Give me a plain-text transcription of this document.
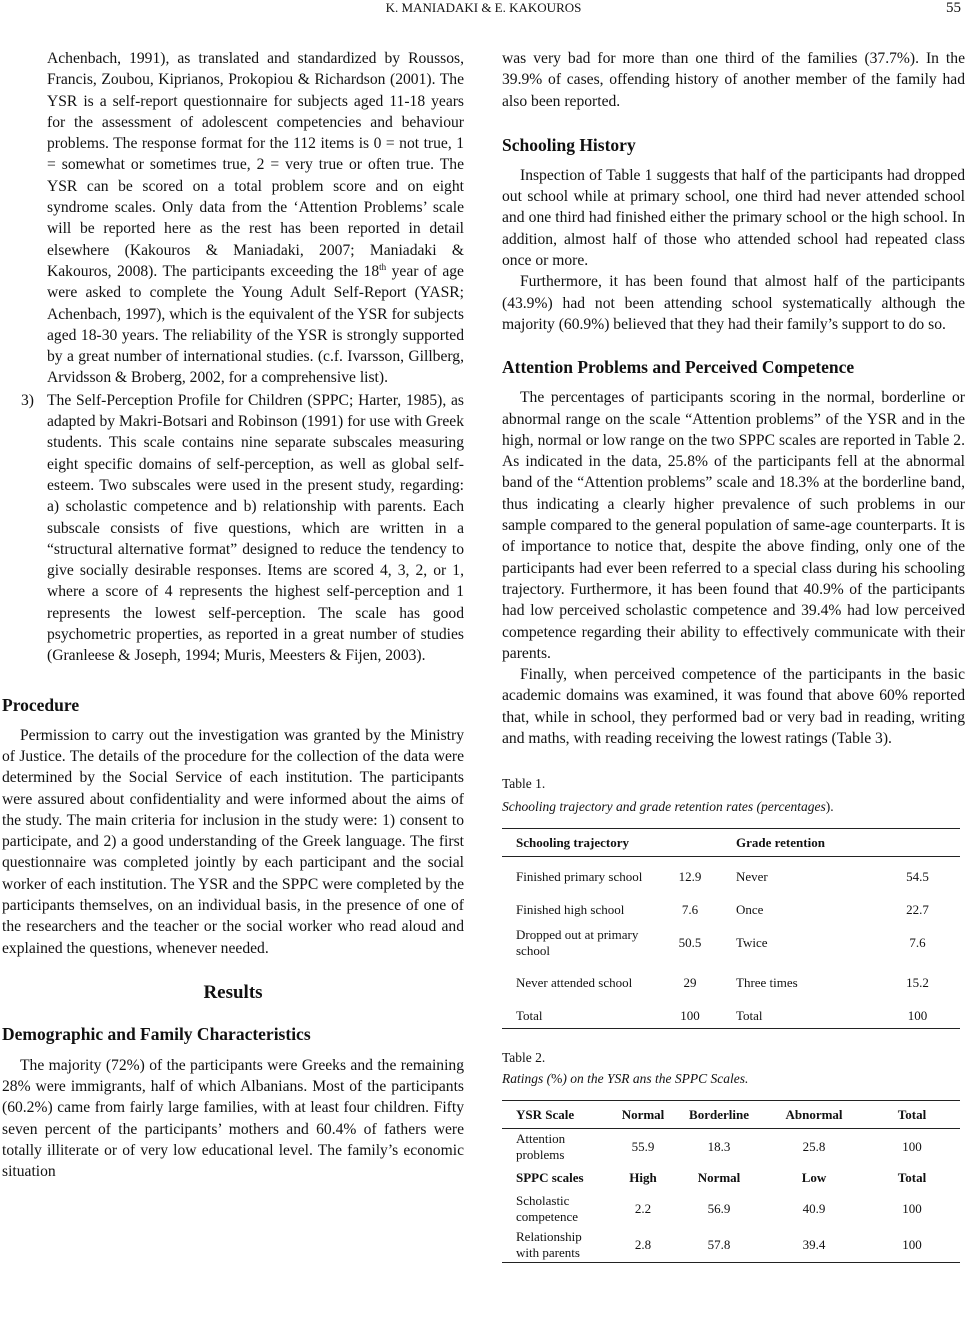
K. MANIADAKI & E. KAKOUROS	55

Achenbach, 1991), as translated and standardized by Roussos, Francis, Zoubou, Kiprianos, Prokopiou & Richardson (2001). The YSR is a self-report questionnaire for subjects aged 11-18 years for the assessment of adolescent competencies and behaviour problems. The response format for the 112 items is 0 = not true, 1 = somewhat or sometimes true, 2 = very true or often true. The YSR can be scored on a total problem score and on eight syndrome scales. Only data from the ‘Attention Problems’ scale will be reported here as the rest has been reported in detail elsewhere (Kakouros & Maniadaki, 2007; Maniadaki & Kakouros, 2008). The participants exceeding the 18th year of age were asked to complete the Young Adult Self-Report (YASR; Achenbach, 1997), which is the equivalent of the YSR for subjects aged 18-30 years. The reliability of the YSR is strongly supported by a great number of international studies. (c.f. Ivarsson, Gillberg, Arvidsson & Broberg, 2002, for a comprehensive list).

3) The Self-Perception Profile for Children (SPPC; Harter, 1985), as adapted by Makri-Botsari and Robinson (1991) for use with Greek students. This scale contains nine separate subscales measuring eight specific domains of self-perception, as well as global self-esteem. Two subscales were used in the present study, regarding: a) scholastic competence and b) relationship with parents. Each subscale consists of five questions, which are written in a “structural alternative format” designed to reduce the tendency to give socially desirable responses. Items are scored 4, 3, 2, or 1, where a score of 4 represents the highest self-perception and 1 represents the lowest self-perception. The scale has good psychometric properties, as reported in a great number of studies (Granleese & Joseph, 1994; Muris, Meesters & Fijen, 2003).

Procedure

Permission to carry out the investigation was granted by the Ministry of Justice. The details of the procedure for the collection of the data were determined by the Social Service of each institution. The participants were assured about confidentiality and were informed about the aims of the study. The main criteria for inclusion in the study were: 1) consent to participate, and 2) a good understanding of the Greek language. The first questionnaire was completed jointly by each participant and the social worker of each institution. The YSR and the SPPC were completed by the participants themselves, on an individual basis, in the presence of one of the researchers and the teacher or the social worker who read aloud and explained the questions, whenever needed.

Results
Demographic and Family Characteristics

The majority (72%) of the participants were Greeks and the remaining 28% were immigrants, half of which Albanians. Most of the participants (60.2%) came from fairly large families, with at least four children. Fifty seven percent of the participants’ mothers and 60.4% of fathers were totally illiterate or of very low educational level. The family’s economic situation

was very bad for more than one third of the families (37.7%). In the 39.9% of cases, offending history of another member of the family had also been reported.

Schooling History

Inspection of Table 1 suggests that half of the participants had dropped out school while at primary school, one third had never attended school and one third had finished either the primary school or the high school. In addition, almost half of those who attended school had repeated class once or more.

Furthermore, it has been found that almost half of the participants (43.9%) had not been attending school systematically although the majority (60.9%) believed that they had their family’s support to do so.

Attention Problems and Perceived Competence

The percentages of participants scoring in the normal, borderline or abnormal range on the scale “Attention problems” of the YSR and in the high, normal or low range on the two SPPC scales are reported in Table 2. As indicated in the data, 25.8% of the participants fell at the abnormal band of the “Attention problems” scale and 18.3% at the borderline band, thus indicating a clearly higher prevalence of such problems in our sample compared to the general population of same-age counterparts. It is of importance to notice that, despite the above finding, only one of the participants had ever been referred to a special class during his schooling trajectory. Furthermore, it has been found that 40.9% of the participants had low perceived scholastic competence and 39.4% had low perceived competence regarding their ability to effectively communicate with their parents.

Finally, when perceived competence of the participants in the basic academic domains was examined, it was found that above 60% reported that, while in school, they performed bad or very bad in reading, writing and maths, with reading receiving the lowest ratings (Table 3).

Table 1.

Schooling trajectory and grade retention rates (percentages).

Schooling trajectory		Grade retention	
Finished primary school	12.9	Never	54.5
Finished high school	7.6	Once	22.7
Dropped out at primary school	50.5	Twice	7.6
Never attended school	29	Three times	15.2
Total	100	Total	100

Table 2.

Ratings (%) on the YSR ans the SPPC Scales.

YSR Scale	Normal	Borderline	Abnormal	Total
Attention problems	55.9	18.3	25.8	100
SPPC scales	High	Normal	Low	Total
Scholastic competence	2.2	56.9	40.9	100
Relationship with parents	2.8	57.8	39.4	100
